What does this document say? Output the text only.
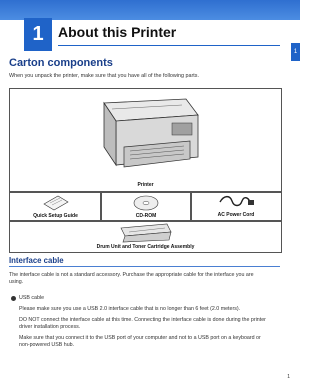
1	About this Printer
1
Carton components
When you unpack the printer, make sure that you have all of the following parts.
Printer
Quick Setup Guide	CD-ROM	AC Power Cord
Drum Unit and Toner Cartridge Assembly
Interface cable
The interface cable is not a standard accessory. Purchase the appropriate cable for the interface you are
using.
USB cable
Please make sure you use a USB 2.0 interface cable that is no longer than 6 feet (2.0 meters).
DO NOT connect the interface cable at this time. Connecting the interface cable is done during the printer
driver installation process.
Make sure that you connect it to the USB port of your computer and not to a USB port on a keyboard or
non-powered USB hub.
1
